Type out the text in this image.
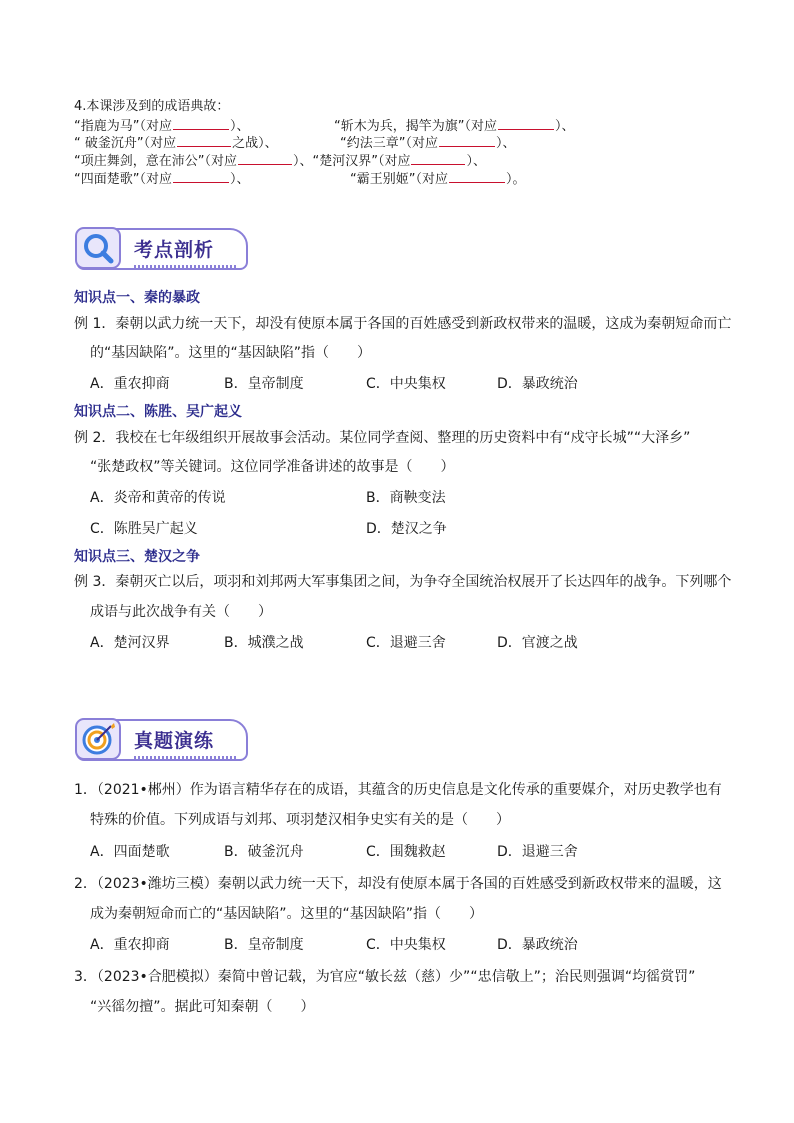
4.本课涉及到的成语典故：
“指鹿为马”（对应	）、	“斩木为兵，揭竿为旗”（对应	）、
“ 破釜沉舟”（对应	之战）、	“约法三章”（对应	）、
“项庄舞剑，意在沛公”（对应	）、“楚河汉界”（对应	）、
“四面楚歌”（对应	）、	“霸王别姬”（对应	）。
考点剖析
知识点一、秦的暴政
例 1．秦朝以武力统一天下，却没有使原本属于各国的百姓感受到新政权带来的温暖，这成为秦朝短命而亡
的“基因缺陷”。这里的“基因缺陷”指（　　）
A．重农抑商	B．皇帝制度	C．中央集权	D．暴政统治
知识点二、陈胜、吴广起义
例 2．我校在七年级组织开展故事会活动。某位同学查阅、整理的历史资料中有“戍守长城”“大泽乡”
“张楚政权”等关键词。这位同学准备讲述的故事是（　　）
A．炎帝和黄帝的传说	B．商鞅变法
C．陈胜吴广起义	D．楚汉之争
知识点三、楚汉之争
例 3．秦朝灭亡以后，项羽和刘邦两大军事集团之间，为争夺全国统治权展开了长达四年的战争。下列哪个
成语与此次战争有关（　　）
A．楚河汉界	B．城濮之战	C．退避三舍	D．官渡之战
真题演练
1．（2021•郴州）作为语言精华存在的成语，其蕴含的历史信息是文化传承的重要媒介，对历史教学也有
特殊的价值。下列成语与刘邦、项羽楚汉相争史实有关的是（　　）
A．四面楚歌	B．破釜沉舟	C．围魏救赵	D．退避三舍
2．（2023•潍坊三模）秦朝以武力统一天下，却没有使原本属于各国的百姓感受到新政权带来的温暖，这
成为秦朝短命而亡的“基因缺陷”。这里的“基因缺陷”指（　　）
A．重农抑商	B．皇帝制度	C．中央集权	D．暴政统治
3．（2023•合肥模拟）秦简中曾记载，为官应“敏长兹（慈）少”“忠信敬上”；治民则强调“均徭赏罚”
“兴徭勿擅”。据此可知秦朝（　　）
